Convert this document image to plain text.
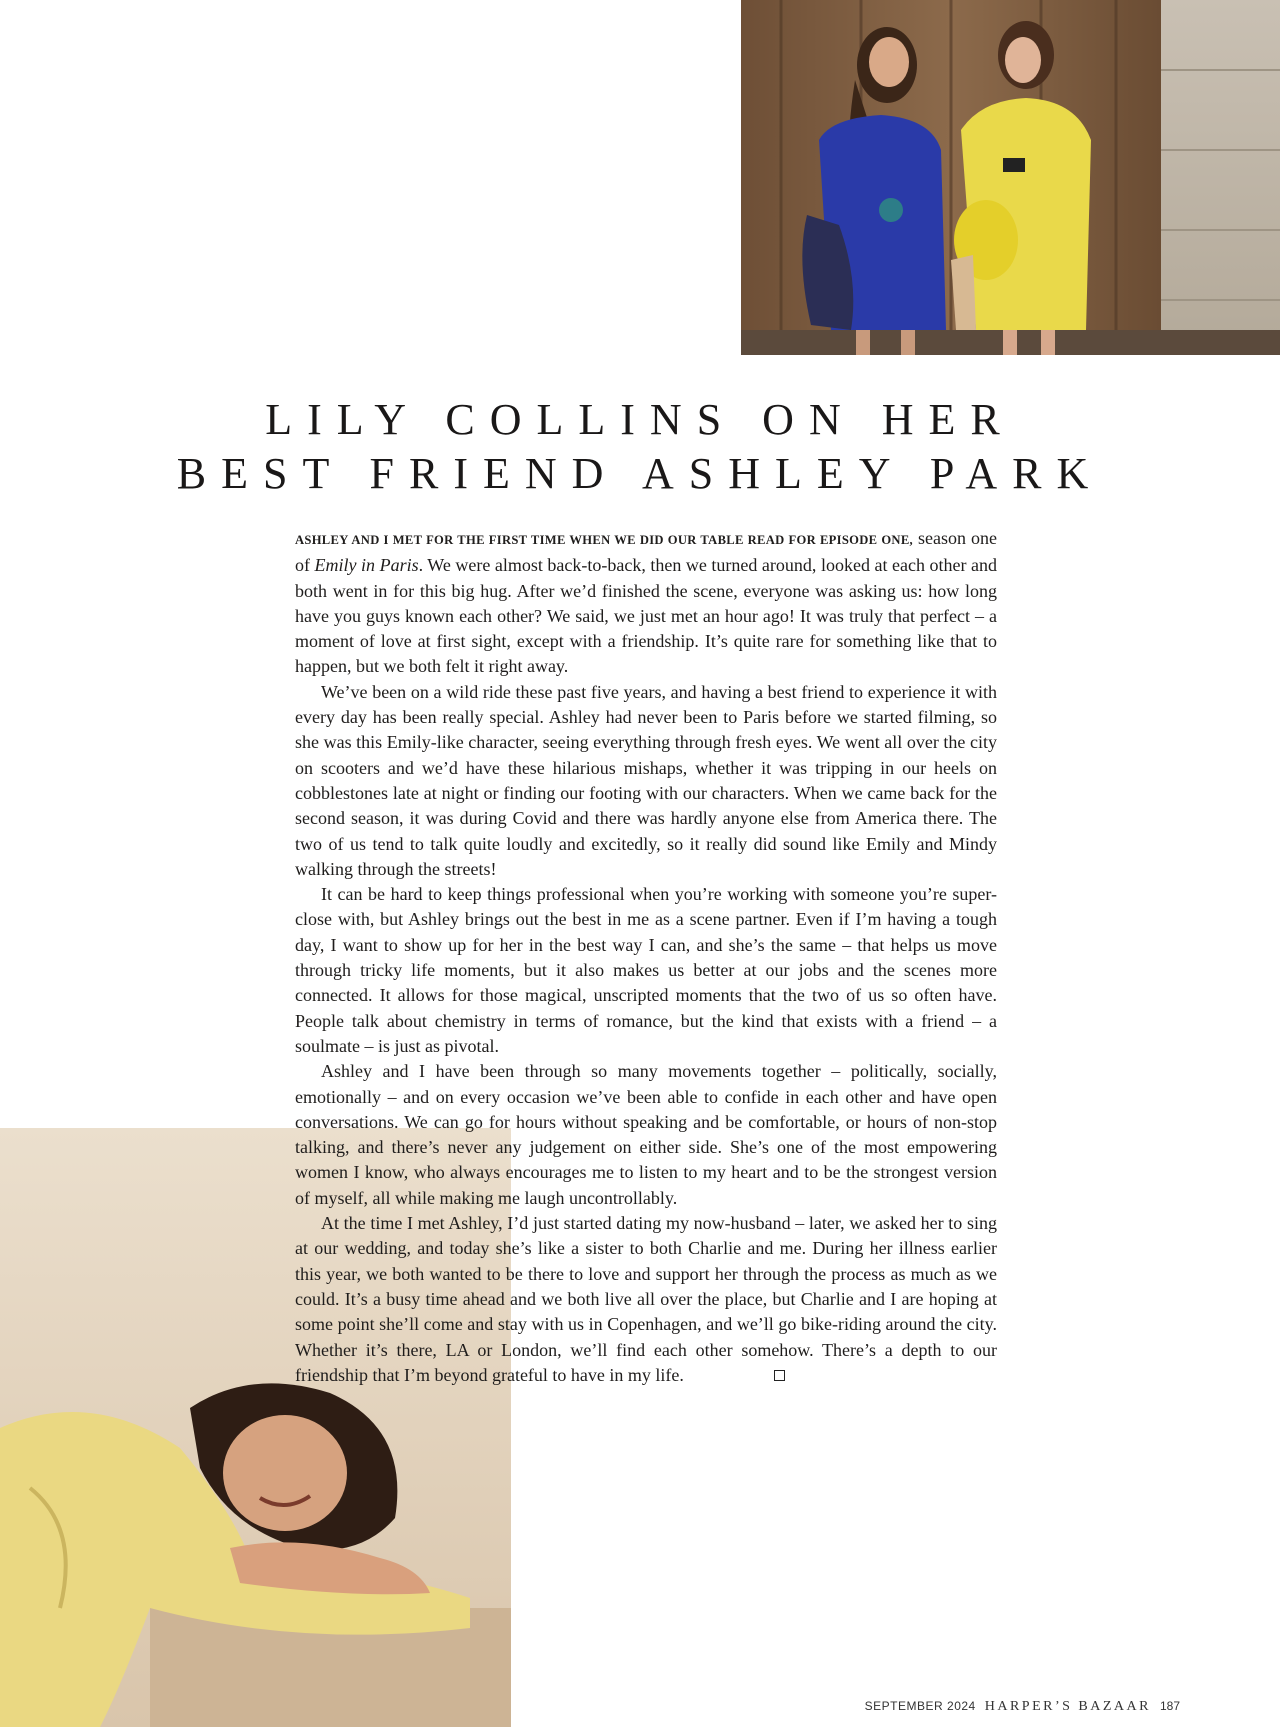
LILY COLLINS ON HER
BEST FRIEND ASHLEY PARK

ASHLEY AND I MET FOR THE FIRST TIME WHEN WE DID OUR TABLE READ FOR EPISODE ONE, season one of Emily in Paris. We were almost back-to-back, then we turned around, looked at each other and both went in for this big hug. After we’d finished the scene, everyone was asking us: how long have you guys known each other? We said, we just met an hour ago! It was truly that perfect – a moment of love at first sight, except with a friendship. It’s quite rare for something like that to happen, but we both felt it right away.

We’ve been on a wild ride these past five years, and having a best friend to experience it with every day has been really special. Ashley had never been to Paris before we started filming, so she was this Emily-like character, seeing everything through fresh eyes. We went all over the city on scooters and we’d have these hilarious mishaps, whether it was tripping in our heels on cobblestones late at night or finding our footing with our characters. When we came back for the second season, it was during Covid and there was hardly anyone else from America there. The two of us tend to talk quite loudly and excitedly, so it really did sound like Emily and Mindy walking through the streets!

It can be hard to keep things professional when you’re working with someone you’re super-close with, but Ashley brings out the best in me as a scene partner. Even if I’m having a tough day, I want to show up for her in the best way I can, and she’s the same – that helps us move through tricky life moments, but it also makes us better at our jobs and the scenes more connected. It allows for those magical, unscripted moments that the two of us so often have. People talk about chemistry in terms of romance, but the kind that exists with a friend – a soulmate – is just as pivotal.

Ashley and I have been through so many movements together – politically, socially, emotionally – and on every occasion we’ve been able to confide in each other and have open conversations. We can go for hours without speaking and be comfortable, or hours of non-stop talking, and there’s never any judgement on either side. She’s one of the most empowering women I know, who always encourages me to listen to my heart and to be the strongest version of myself, all while making me laugh uncontrollably.

At the time I met Ashley, I’d just started dating my now-husband – later, we asked her to sing at our wedding, and today she’s like a sister to both Charlie and me. During her illness earlier this year, we both wanted to be there to love and support her through the process as much as we could. It’s a busy time ahead and we both live all over the place, but Charlie and I are hoping at some point she’ll come and stay with us in Copenhagen, and we’ll go bike-riding around the city. Whether it’s there, LA or London, we’ll find each other somehow. There’s a depth to our friendship that I’m beyond grateful to have in my life.

SEPTEMBER 2024 HARPER’S BAZAAR 187
